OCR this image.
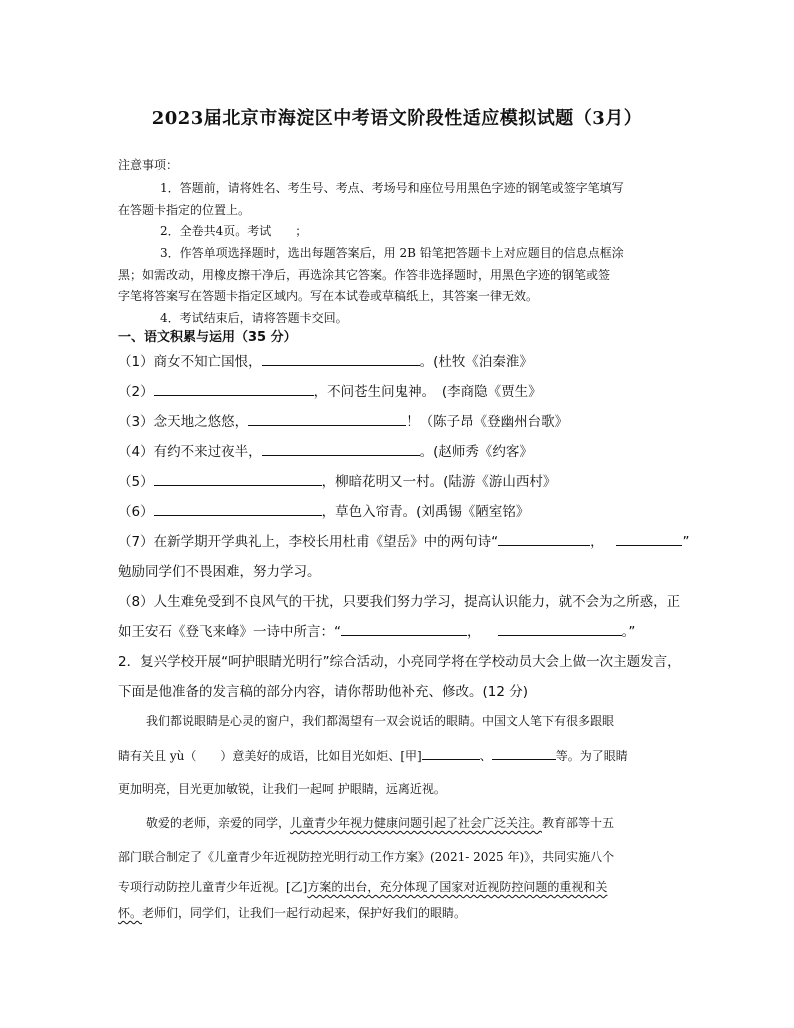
2023届北京市海淀区中考语文阶段性适应模拟试题（3月）
注意事项：
1．答题前，请将姓名、考生号、考点、考场号和座位号用黑色字迹的钢笔或签字笔填写
在答题卡指定的位置上。
2．全卷共4页。考试　　；
3．作答单项选择题时，选出每题答案后，用 2B 铅笔把答题卡上对应题目的信息点框涂
黑；如需改动，用橡皮擦干净后，再选涂其它答案。作答非选择题时，用黑色字迹的钢笔或签
字笔将答案写在答题卡指定区域内。写在本试卷或草稿纸上，其答案一律无效。
4．考试结束后，请将答题卡交回。
一、语文积累与运用（35 分）
（1）商女不知亡国恨，	。(杜牧《泊秦淮》
（2）	，不问苍生问鬼神。　(李商隐《贾生》
（3）念天地之悠悠，	！（陈子昂《登幽州台歌》
（4）有约不来过夜半，	。(赵师秀《约客》
（5）	，柳暗花明又一村。(陆游《游山西村》
（6）	，草色入帘青。(刘禹锡《陋室铭》
（7）在新学期开学典礼上，李校长用杜甫《望岳》中的两句诗“	，	”
勉励同学们不畏困难，努力学习。
（8）人生难免受到不良风气的干扰，只要我们努力学习，提高认识能力，就不会为之所惑，正
如王安石《登飞来峰》一诗中所言：“	，	。”
2．复兴学校开展“呵护眼睛光明行”综合活动，小亮同学将在学校动员大会上做一次主题发言，
下面是他准备的发言稿的部分内容，请你帮助他补充、修改。(12 分)
我们都说眼睛是心灵的窗户，我们都渴望有一双会说话的眼睛。中国文人笔下有很多跟眼
睛有关且 yù（　　）意美好的成语，比如目光如炬、[甲]	、	等。为了眼睛
更加明亮，目光更加敏锐，让我们一起呵 护眼睛，远离近视。
敬爱的老师，亲爱的同学，儿童青少年视力健康问题引起了社会广泛关注。教育部等十五
部门联合制定了《儿童青少年近视防控光明行动工作方案》(2021- 2025 年)》，共同实施八个
专项行动防控儿童青少年近视。[乙]方案的出台，充分体现了国家对近视防控问题的重视和关
怀。老师们，同学们，让我们一起行动起来，保护好我们的眼睛。
